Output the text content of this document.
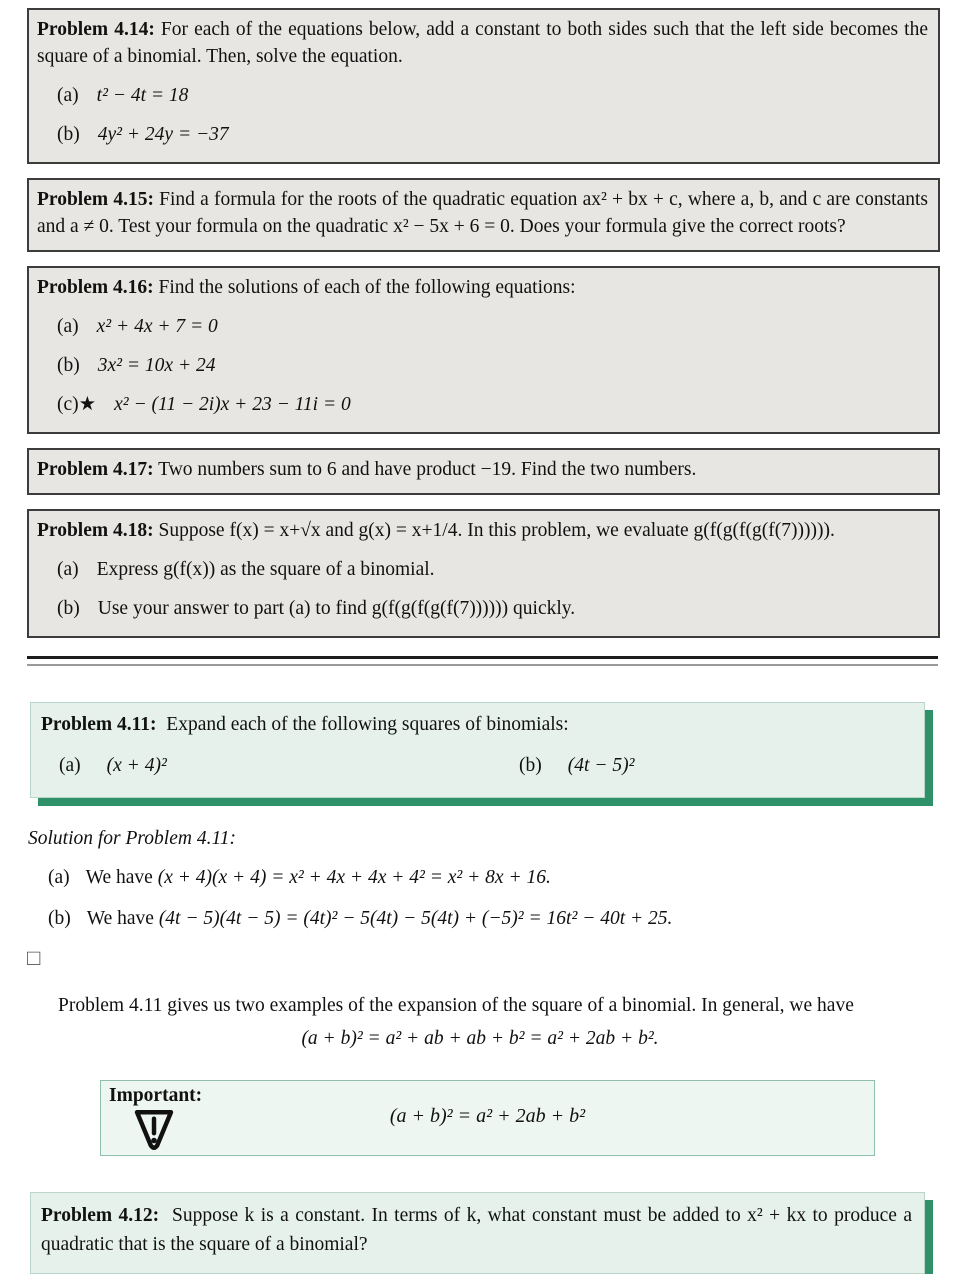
Problem 4.14: For each of the equations below, add a constant to both sides such that the left side becomes the square of a binomial. Then, solve the equation.

(a) t² − 4t = 18
(b) 4y² + 24y = −37

Problem 4.15: Find a formula for the roots of the quadratic equation ax² + bx + c, where a, b, and c are constants and a ≠ 0. Test your formula on the quadratic x² − 5x + 6 = 0. Does your formula give the correct roots?

Problem 4.16: Find the solutions of each of the following equations:

(a) x² + 4x + 7 = 0
(b) 3x² = 10x + 24
(c)★ x² − (11 − 2i)x + 23 − 11i = 0

Problem 4.17: Two numbers sum to 6 and have product −19. Find the two numbers.

Problem 4.18: Suppose f(x) = x+√x and g(x) = x+1/4. In this problem, we evaluate g(f(g(f(g(f(7)))))).

(a) Express g(f(x)) as the square of a binomial.
(b) Use your answer to part (a) to find g(f(g(f(g(f(7)))))) quickly.

Problem 4.11: Expand each of the following squares of binomials:

(a) (x + 4)²	(b) (4t − 5)²

Solution for Problem 4.11:

(a) We have (x + 4)(x + 4) = x² + 4x + 4x + 4² = x² + 8x + 16.
(b) We have (4t − 5)(4t − 5) = (4t)² − 5(4t) − 5(4t) + (−5)² = 16t² − 40t + 25.
□

Problem 4.11 gives us two examples of the expansion of the square of a binomial. In general, we have

(a + b)² = a² + ab + ab + b² = a² + 2ab + b².

Important:
(a + b)² = a² + 2ab + b²

Problem 4.12: Suppose k is a constant. In terms of k, what constant must be added to x² + kx to produce a quadratic that is the square of a binomial?
